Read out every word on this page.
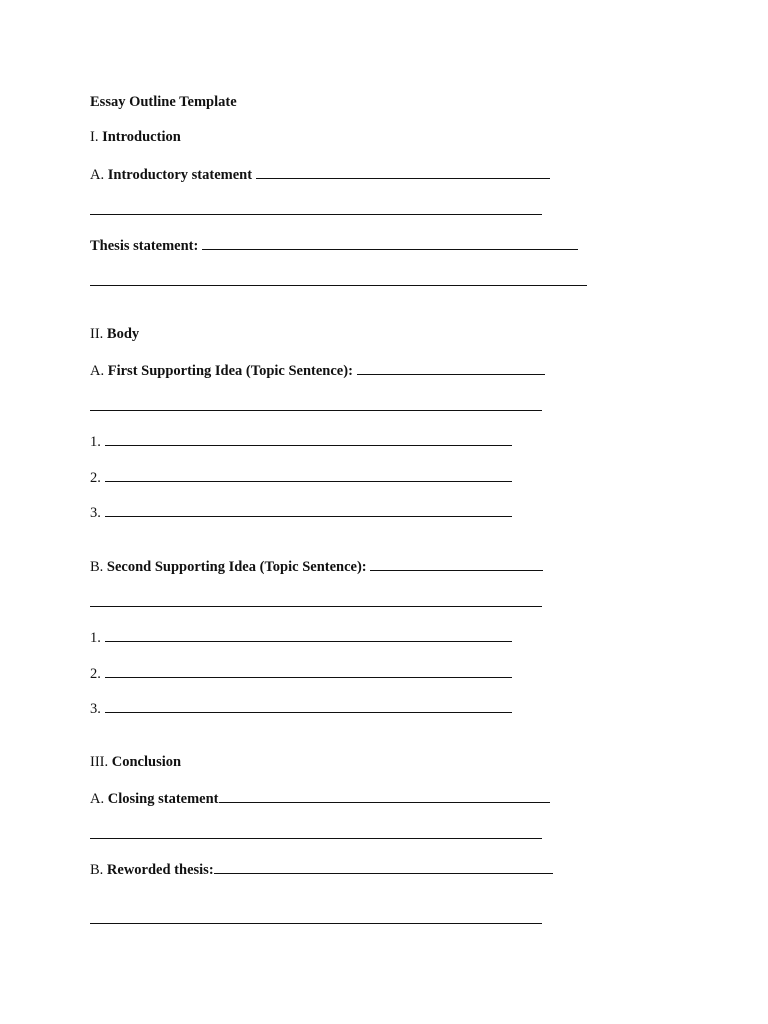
Essay Outline Template
I. Introduction
A. Introductory statement
Thesis statement:
II. Body
A. First Supporting Idea (Topic Sentence):
1.
2.
3.
B. Second Supporting Idea (Topic Sentence):
1.
2.
3.
III. Conclusion
A. Closing statement
B. Reworded thesis:
